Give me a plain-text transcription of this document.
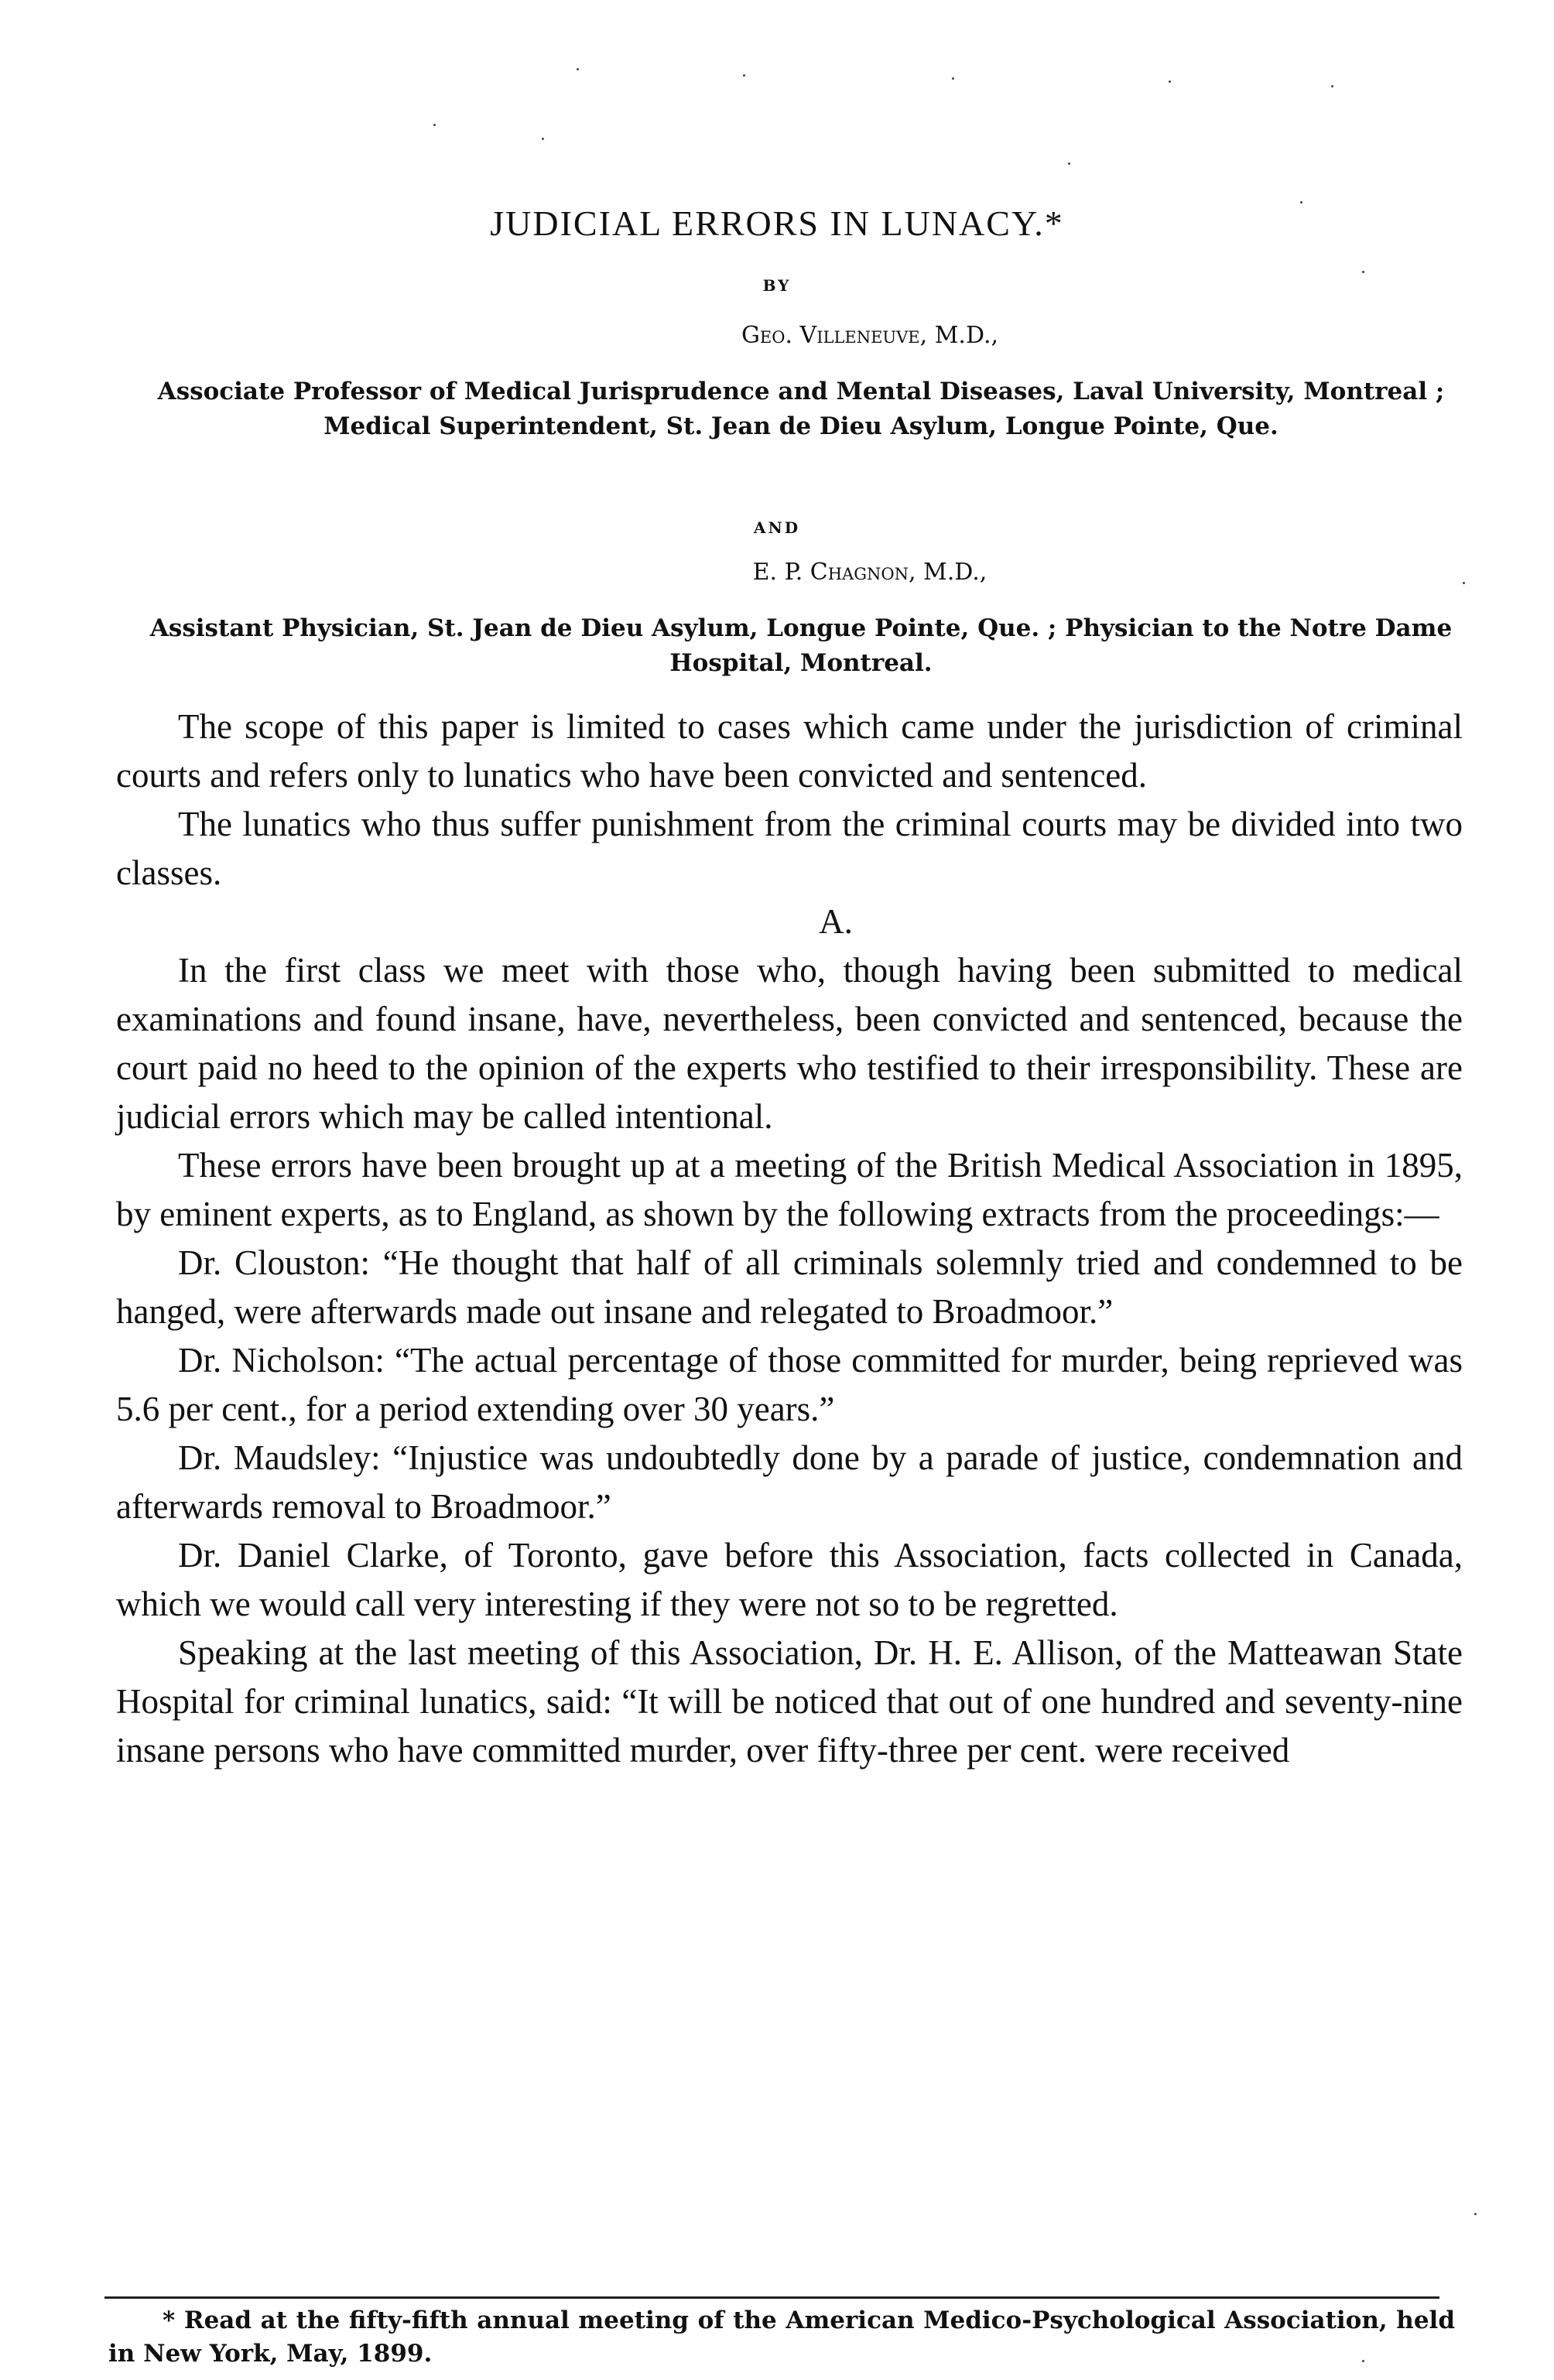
JUDICIAL ERRORS IN LUNACY.*
BY
Geo. Villeneuve, M.D.,
Associate Professor of Medical Jurisprudence and Mental Diseases, Laval University, Montreal ; Medical Superintendent, St. Jean de Dieu Asylum, Longue Pointe, Que.
AND
E. P. Chagnon, M.D.,
Assistant Physician, St. Jean de Dieu Asylum, Longue Pointe, Que. ; Physician to the Notre Dame Hospital, Montreal.

The scope of this paper is limited to cases which came under the jurisdiction of criminal courts and refers only to lunatics who have been convicted and sentenced.

The lunatics who thus suffer punishment from the criminal courts may be divided into two classes.

A.

In the first class we meet with those who, though having been submitted to medical examinations and found insane, have, nevertheless, been convicted and sentenced, because the court paid no heed to the opinion of the experts who testified to their irresponsibility. These are judicial errors which may be called intentional.

These errors have been brought up at a meeting of the British Medical Association in 1895, by eminent experts, as to England, as shown by the following extracts from the proceedings:—

Dr. Clouston: “He thought that half of all criminals solemnly tried and condemned to be hanged, were afterwards made out insane and relegated to Broadmoor.”

Dr. Nicholson: “The actual percentage of those committed for murder, being reprieved was 5.6 per cent., for a period extending over 30 years.”

Dr. Maudsley: “Injustice was undoubtedly done by a parade of justice, condemnation and afterwards removal to Broadmoor.”

Dr. Daniel Clarke, of Toronto, gave before this Association, facts collected in Canada, which we would call very interesting if they were not so to be regretted.

Speaking at the last meeting of this Association, Dr. H. E. Allison, of the Matteawan State Hospital for criminal lunatics, said: “It will be noticed that out of one hundred and seventy-nine insane persons who have committed murder, over fifty-three per cent. were received

* Read at the fifty-fifth annual meeting of the American Medico-Psychological Association, held in New York, May, 1899.
